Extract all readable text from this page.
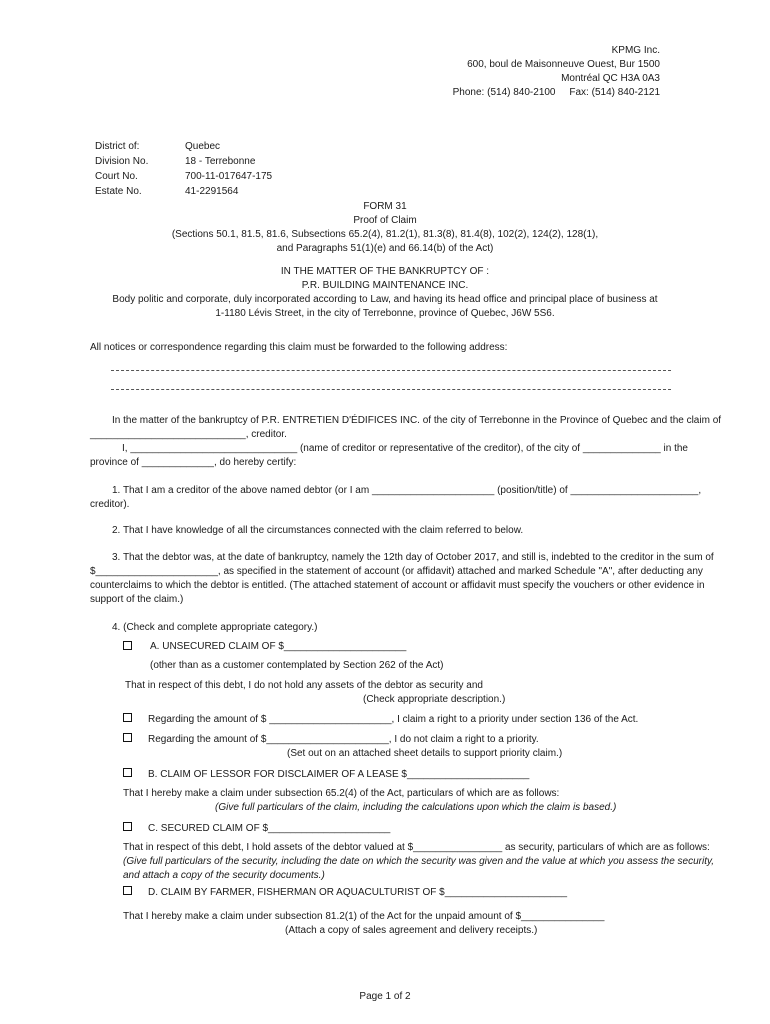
KPMG Inc.
600, boul de Maisonneuve Ouest, Bur 1500
Montréal QC H3A 0A3
Phone: (514) 840-2100     Fax: (514) 840-2121
District of:	Quebec
Division No.	18 - Terrebonne
Court No.	700-11-017647-175
Estate No.	41-2291564
FORM 31
Proof of Claim
(Sections 50.1, 81.5, 81.6, Subsections 65.2(4), 81.2(1), 81.3(8), 81.4(8), 102(2), 124(2), 128(1),
and Paragraphs 51(1)(e) and 66.14(b) of the Act)
IN THE MATTER OF THE BANKRUPTCY OF :
P.R. BUILDING MAINTENANCE INC.
Body politic and corporate, duly incorporated according to Law, and having its head office and principal place of business at
1-1180 Lévis Street, in the city of Terrebonne, province of Quebec, J6W 5S6.
All notices or correspondence regarding this claim must be forwarded to the following address:
In the matter of the bankruptcy of P.R. ENTRETIEN D'ÉDIFICES INC. of the city of Terrebonne in the Province of Quebec and the claim of
____________________________, creditor.
I, ______________________________ (name of creditor or representative of the creditor), of the city of ______________ in the
province of _____________, do hereby certify:
1. That I am a creditor of the above named debtor (or I am ______________________ (position/title) of _______________________,
creditor).
2. That I have knowledge of all the circumstances connected with the claim referred to below.
3. That the debtor was, at the date of bankruptcy, namely the 12th day of October 2017, and still is, indebted to the creditor in the sum of
$______________________, as specified in the statement of account (or affidavit) attached and marked Schedule "A", after deducting any
counterclaims to which the debtor is entitled. (The attached statement of account or affidavit must specify the vouchers or other evidence in
support of the claim.)
4. (Check and complete appropriate category.)
A. UNSECURED CLAIM OF $______________________
(other than as a customer contemplated by Section 262 of the Act)
That in respect of this debt, I do not hold any assets of the debtor as security and
(Check appropriate description.)
Regarding the amount of $ ______________________, I claim a right to a priority under section 136 of the Act.
Regarding the amount of $______________________, I do not claim a right to a priority.
(Set out on an attached sheet details to support priority claim.)
B. CLAIM OF LESSOR FOR DISCLAIMER OF A LEASE $______________________
That I hereby make a claim under subsection 65.2(4) of the Act, particulars of which are as follows:
(Give full particulars of the claim, including the calculations upon which the claim is based.)
C. SECURED CLAIM OF $______________________
That in respect of this debt, I hold assets of the debtor valued at $________________ as security, particulars of which are as follows:
(Give full particulars of the security, including the date on which the security was given and the value at which you assess the security,
and attach a copy of the security documents.)
D. CLAIM BY FARMER, FISHERMAN OR AQUACULTURIST OF $______________________
That I hereby make a claim under subsection 81.2(1) of the Act for the unpaid amount of $_______________
(Attach a copy of sales agreement and delivery receipts.)
Page 1 of 2
